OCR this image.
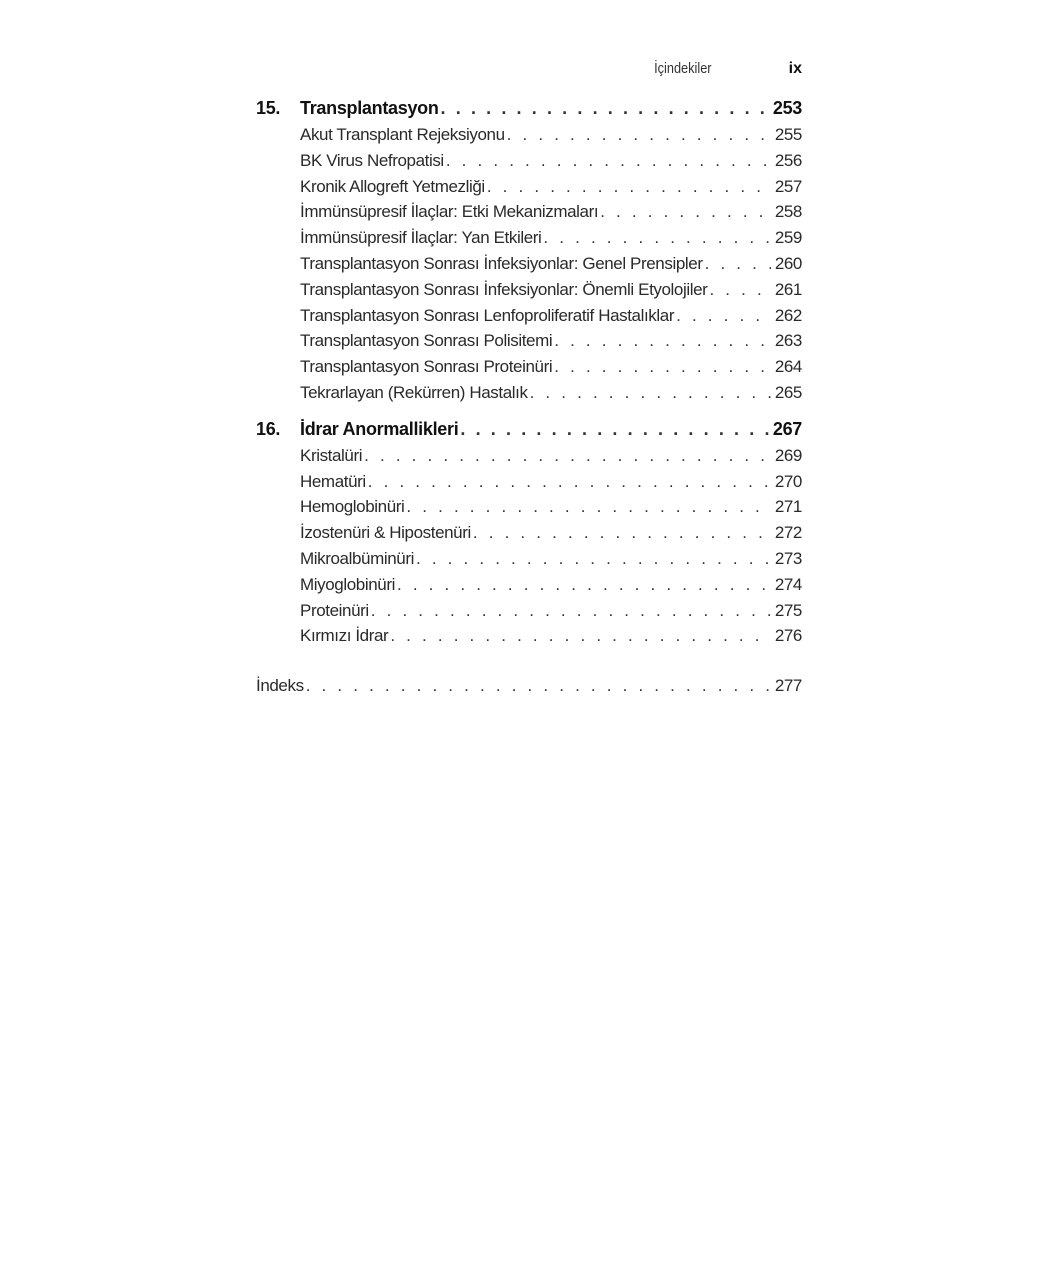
İçindekiler	ix
15.	Transplantasyon . . .	253
Akut Transplant Rejeksiyonu . . .	255
BK Virus Nefropatisi . . .	256
Kronik Allogreft Yetmezliği . . .	257
İmmünsüpresif İlaçlar: Etki Mekanizmaları . . .	258
İmmünsüpresif İlaçlar: Yan Etkileri . . .	259
Transplantasyon Sonrası İnfeksiyonlar: Genel Prensipler . . .	260
Transplantasyon Sonrası İnfeksiyonlar: Önemli Etyolojiler . . .	261
Transplantasyon Sonrası Lenfoproliferatif Hastalıklar . . .	262
Transplantasyon Sonrası Polisitemi . . .	263
Transplantasyon Sonrası Proteinüri . . .	264
Tekrarlayan (Rekürren) Hastalık . . .	265
16.	İdrar Anormallikleri . . .	267
Kristalüri . . .	269
Hematüri . . .	270
Hemoglobinüri . . .	271
İzostenüri & Hipostenüri . . .	272
Mikroalbüminüri . . .	273
Miyoglobinüri . . .	274
Proteinüri . . .	275
Kırmızı İdrar . . .	276
İndeks . . .	277
